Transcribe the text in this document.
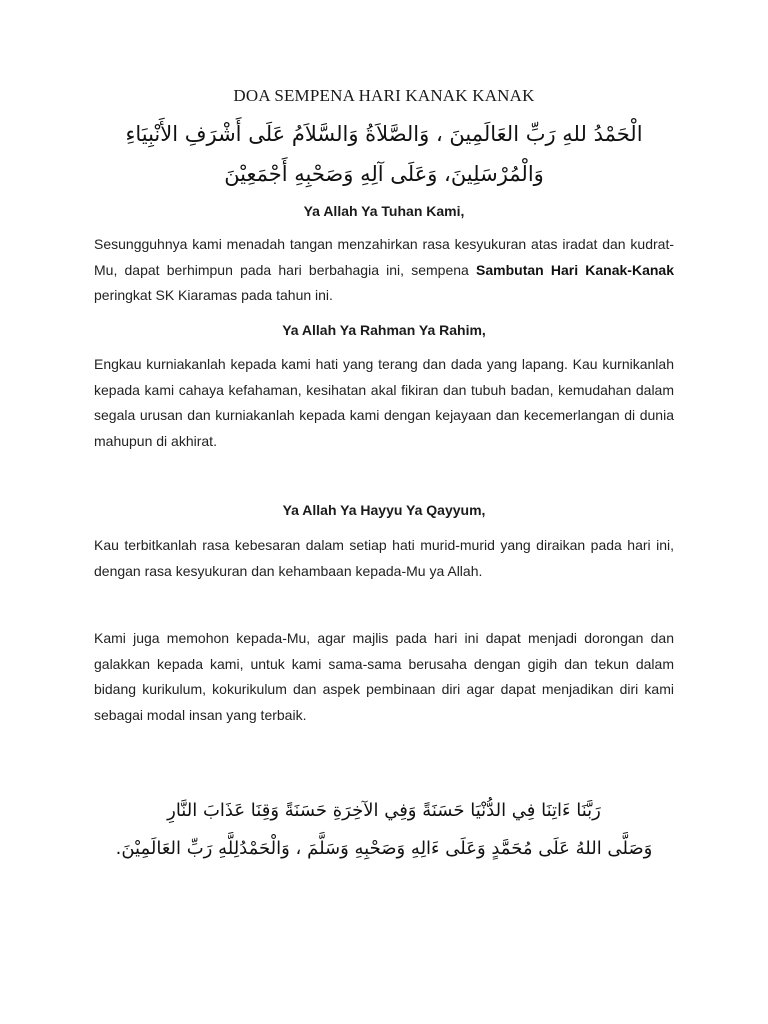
DOA SEMPENA HARI KANAK KANAK
الْحَمْدُ للهِ رَبِّ العَالَمِينَ ، وَالصَّلاَةُ وَالسَّلاَمُ عَلَى أَشْرَفِ الأَنْبِيَاءِ وَالْمُرْسَلِينَ، وَعَلَى آلِهِ وَصَحْبِهِ أَجْمَعِيْنَ
Ya Allah Ya Tuhan Kami,
Sesungguhnya kami menadah tangan menzahirkan rasa kesyukuran atas iradat dan kudrat-Mu, dapat berhimpun pada hari berbahagia ini, sempena Sambutan Hari Kanak-Kanak peringkat SK Kiaramas pada tahun ini.
Ya Allah Ya Rahman Ya Rahim,
Engkau kurniakanlah kepada kami hati yang terang dan dada yang lapang. Kau kurnikanlah kepada kami cahaya kefahaman, kesihatan akal fikiran dan tubuh badan, kemudahan dalam segala urusan dan kurniakanlah kepada kami dengan kejayaan dan kecemerlangan di dunia mahupun di akhirat.
Ya Allah Ya Hayyu Ya Qayyum,
Kau terbitkanlah rasa kebesaran dalam setiap hati murid-murid yang diraikan pada hari ini, dengan rasa kesyukuran dan kehambaan kepada-Mu ya Allah.
Kami juga memohon kepada-Mu, agar majlis pada hari ini dapat menjadi dorongan dan galakkan kepada kami, untuk kami sama-sama berusaha dengan gigih dan tekun dalam bidang kurikulum, kokurikulum dan aspek pembinaan diri agar dapat menjadikan diri kami sebagai modal insan yang terbaik.
رَبَّنَا ءَاتِنَا فِي الدُّنْيَا حَسَنَةً وَفِي الآخِرَةِ حَسَنَةً وَقِنَا عَذَابَ النَّارِ
وَصَلَّى اللهُ عَلَى مُحَمَّدٍ وَعَلَى ءَالِهِ وَصَحْبِهِ وَسَلَّمَ ، وَالْحَمْدُلِلَّهِ رَبِّ العَالَمِيْنَ.
